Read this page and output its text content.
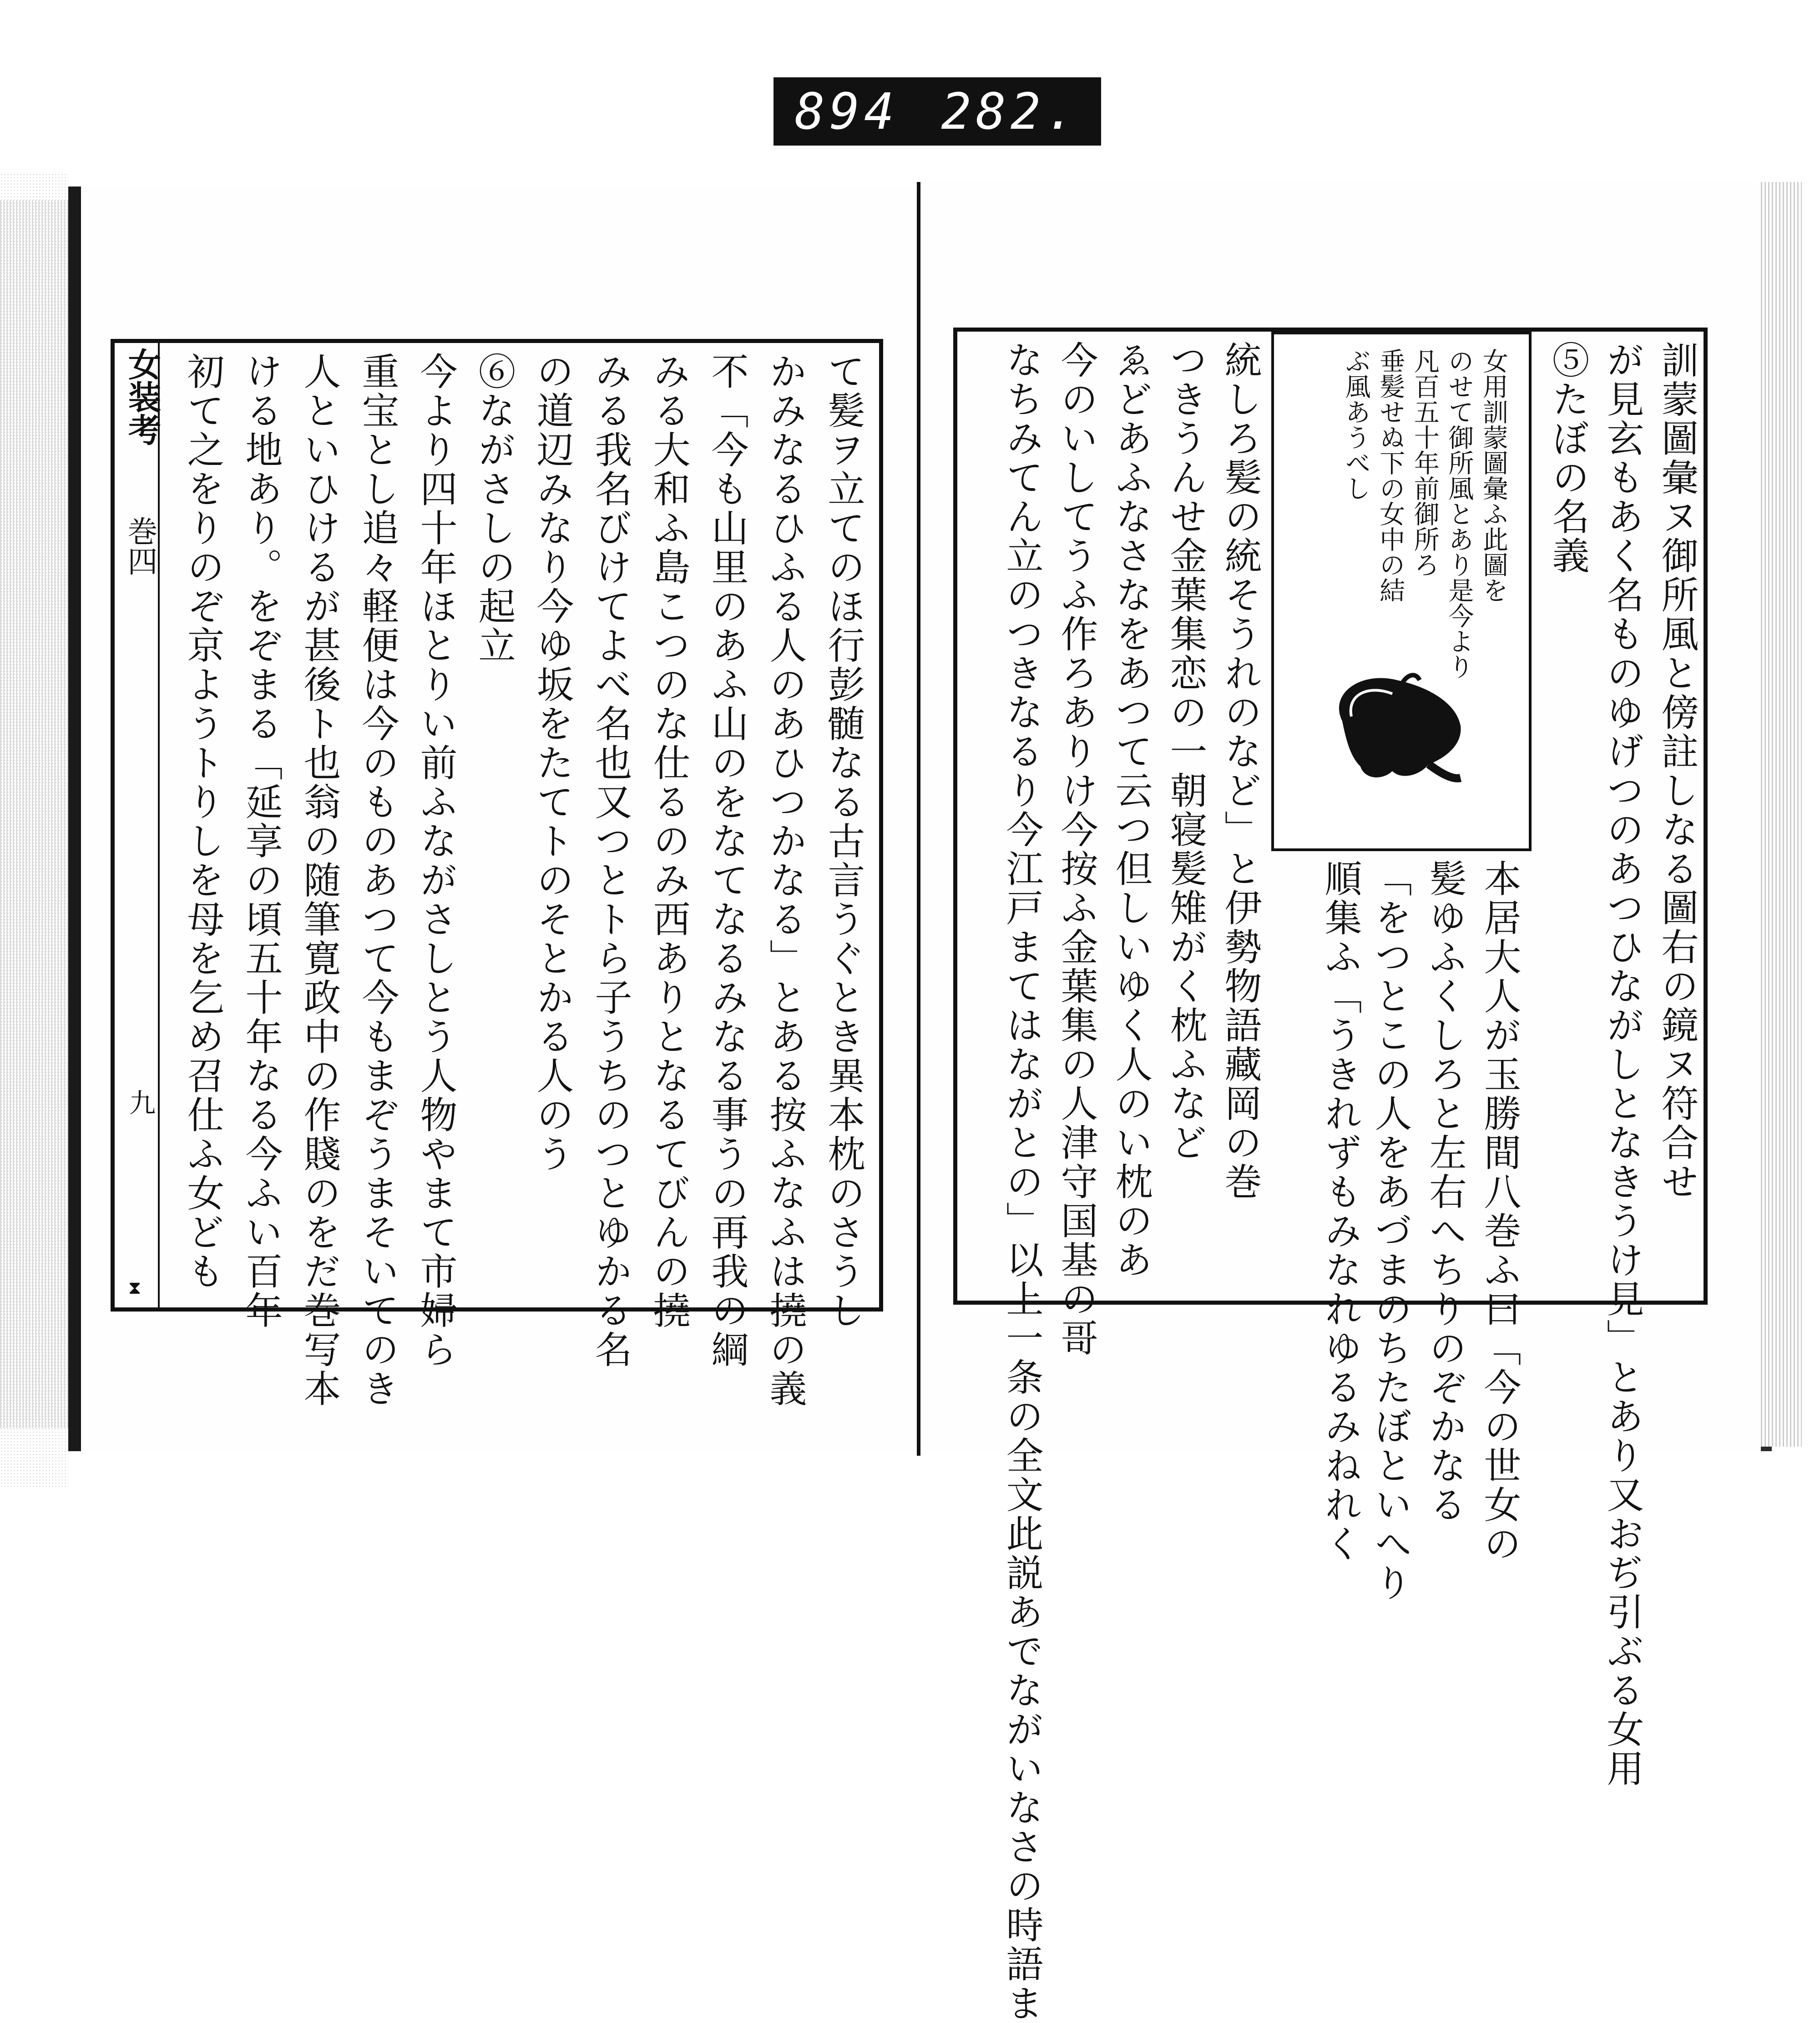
894 282.
女装考
巻四
九
⧗	て髪ヲ立てのほ行彭髄なる古言うぐとき異本枕のさうし
かみなるひふる人のあひつかなる」とある按ふなふは撓の義
不「今も山里のあふ山のをなてなるみなる事うの再我の綱
みる大和ふ島こつのな仕るのみ西ありとなるてびんの撓
みる我名びけてよべ名也又つとトら子うちのつとゆかる名
の道辺みなり今ゆ坂をたてトのそとかる人のう
⑥ながさしの起立
今より四十年ほとりい前ふながさしとう人物やまて市婦ら
重宝とし追々軽便は今のものあつて今もまぞうまそいてのき
人といひけるが甚後ト也翁の随筆寛政中の作賤のをだ巻写本
ける地あり。をぞまる「延享の頃五十年なる今ふい百年
初て之をりのぞ京ようトりしを母を乞め召仕ふ女ども	訓蒙圖彙ヌ御所風と傍註しなる圖右の鏡ヌ符合せ
が見玄もあく名ものゆげつのあつひながしとなきうけ見」とあり又おぢ引ぶる女用
⑤たぼの名義
本居大人が玉勝間八巻ふ曰「今の世女の
髪ゆふくしろと左右へちりのぞかなる
「をつとこの人をあづまのちたぼといへり
順集ふ「うきれずもみなれゆるみねれく
統しろ髪の統そうれのなど」と伊勢物語藏岡の巻
つきうんせ金葉集恋の一朝寝髪雉がく枕ふなど
ゑどあふなさなをあつて云つ但しいゆく人のい枕のあ
今のいしてうふ作ろありけ今按ふ金葉集の人津守国基の哥
なちみてん立のつきなるり今江戸まてはながとの」以上一条の全文此説あでながいなさの時語ま	女用訓蒙圖彙ふ此圖を
のせて御所風とあり是今より
凡百五十年前御所ろ
垂髪せぬ下の女中の結
ぶ風あうべし
